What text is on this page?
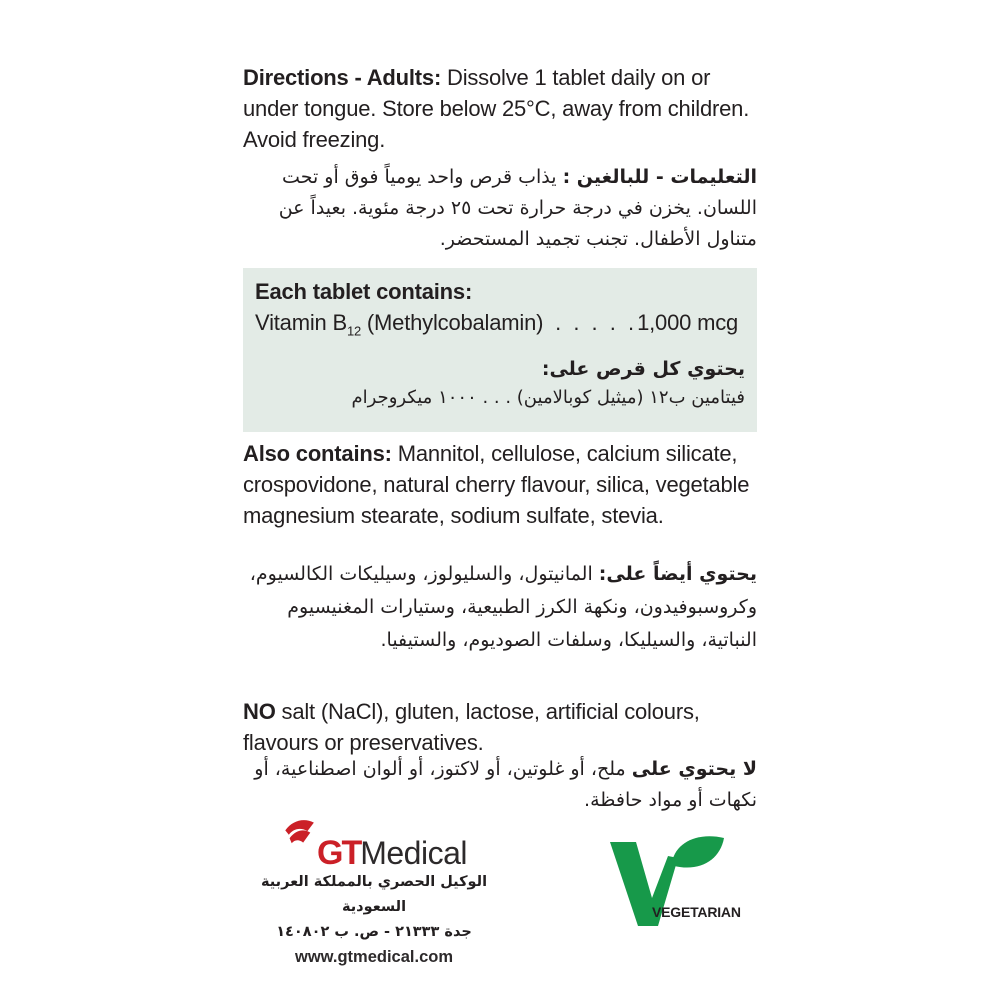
Directions - Adults: Dissolve 1 tablet daily on or under tongue. Store below 25°C, away from children. Avoid freezing.

التعليمات - للبالغين : يذاب قرص واحد يومياً فوق أو تحت اللسان. يخزن في درجة حرارة تحت ٢٥ درجة مئوية. بعيداً عن متناول الأطفال. تجنب تجميد المستحضر.

Each tablet contains:

Vitamin $B_{12}$ (Methylcobalamin) . . . . .1,000 mcg

يحتوي كل قرص على:

فيتامين ب١٢ (ميثيل كوبالامين) . . . ١٠٠٠ ميكروجرام

Also contains: Mannitol, cellulose, calcium silicate, crospovidone, natural cherry flavour, silica, vegetable magnesium stearate, sodium sulfate, stevia.

يحتوي أيضاً على: المانيتول، والسليولوز، وسيليكات الكالسيوم، وكروسبوفيدون، ونكهة الكرز الطبيعية، وستيارات المغنيسيوم النباتية، والسيليكا، وسلفات الصوديوم، والستيفيا.

NO salt (NaCl), gluten, lactose, artificial colours, flavours or preservatives.

لا يحتوي على ملح، أو غلوتين، أو لاكتوز، أو ألوان اصطناعية، أو نكهات أو مواد حافظة.

GT Medical

الوكيل الحصري بالمملكة العربية السعودية

جدة ٢١٣٣٣ - ص. ب ١٤٠٨٠٢

www.gtmedical.com

VEGETARIAN
